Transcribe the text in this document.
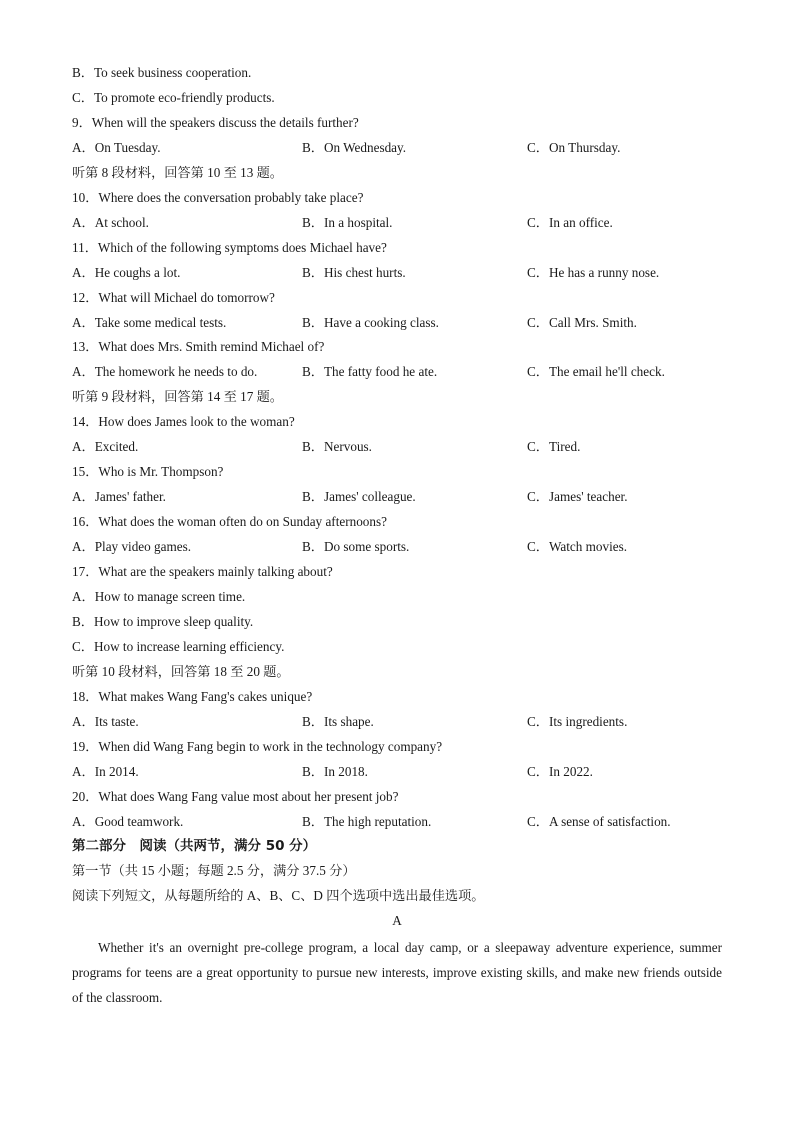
B．To seek business cooperation.
C．To promote eco-friendly products.
9．When will the speakers discuss the details further?
A．On Tuesday.	B．On Wednesday.	C．On Thursday.
听第 8 段材料，回答第 10 至 13 题。
10．Where does the conversation probably take place?
A．At school.	B．In a hospital.	C．In an office.
11．Which of the following symptoms does Michael have?
A．He coughs a lot.	B．His chest hurts.	C．He has a runny nose.
12．What will Michael do tomorrow?
A．Take some medical tests.	B．Have a cooking class.	C．Call Mrs. Smith.
13．What does Mrs. Smith remind Michael of?
A．The homework he needs to do.	B．The fatty food he ate.	C．The email he'll check.
听第 9 段材料，回答第 14 至 17 题。
14．How does James look to the woman?
A．Excited.	B．Nervous.	C．Tired.
15．Who is Mr. Thompson?
A．James' father.	B．James' colleague.	C．James' teacher.
16．What does the woman often do on Sunday afternoons?
A．Play video games.	B．Do some sports.	C．Watch movies.
17．What are the speakers mainly talking about?
A．How to manage screen time.
B．How to improve sleep quality.
C．How to increase learning efficiency.
听第 10 段材料，回答第 18 至 20 题。
18．What makes Wang Fang's cakes unique?
A．Its taste.	B．Its shape.	C．Its ingredients.
19．When did Wang Fang begin to work in the technology company?
A．In 2014.	B．In 2018.	C．In 2022.
20．What does Wang Fang value most about her present job?
A．Good teamwork.	B．The high reputation.	C．A sense of satisfaction.
第二部分　阅读（共两节，满分 50 分）
第一节（共 15 小题；每题 2.5 分，满分 37.5 分）
阅读下列短文，从每题所给的 A、B、C、D 四个选项中选出最佳选项。
A
Whether it's an overnight pre-college program, a local day camp, or a sleepaway adventure experience, summer programs for teens are a great opportunity to pursue new interests, improve existing skills, and make new friends outside of the classroom.
